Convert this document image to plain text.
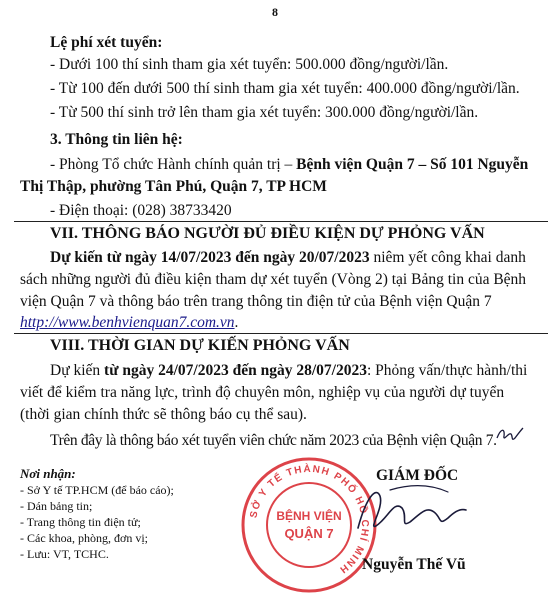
8
Lệ phí xét tuyển:
- Dưới 100 thí sinh tham gia xét tuyển: 500.000 đồng/người/lần.
- Từ 100 đến dưới 500 thí sinh tham gia xét tuyển: 400.000 đồng/người/lần.
- Từ 500 thí sinh trở lên tham gia xét tuyển: 300.000 đồng/người/lần.
3. Thông tin liên hệ:
- Phòng Tổ chức Hành chính quản trị – Bệnh viện Quận 7 – Số 101 Nguyễn
Thị Thập, phường Tân Phú, Quận 7, TP HCM
- Điện thoại: (028) 38733420
VII. THÔNG BÁO NGƯỜI ĐỦ ĐIỀU KIỆN DỰ PHỎNG VẤN
Dự kiến từ ngày 14/07/2023 đến ngày 20/07/2023 niêm yết công khai danh
sách những người đủ điều kiện tham dự xét tuyển (Vòng 2) tại Bảng tin của Bệnh
viện Quận 7 và thông báo trên trang thông tin điện tử của Bệnh viện Quận 7
http://www.benhvienquan7.com.vn.
VIII. THỜI GIAN DỰ KIẾN PHỎNG VẤN
Dự kiến từ ngày 24/07/2023 đến ngày 28/07/2023: Phỏng vấn/thực hành/thi
viết để kiểm tra năng lực, trình độ chuyên môn, nghiệp vụ của người dự tuyển
(thời gian chính thức sẽ thông báo cụ thể sau).
Trên đây là thông báo xét tuyển viên chức năm 2023 của Bệnh viện Quận 7.
Nơi nhận:
- Sở Y tế TP.HCM (để báo cáo);
- Dán bảng tin;
- Trang thông tin điện tử;
- Các khoa, phòng, đơn vị;
- Lưu: VT, TCHC.
GIÁM ĐỐC
SỞ Y TẾ THÀNH PHỐ HỒ CHÍ MINH
BỆNH VIỆN
QUẬN 7
Nguyễn Thế Vũ
